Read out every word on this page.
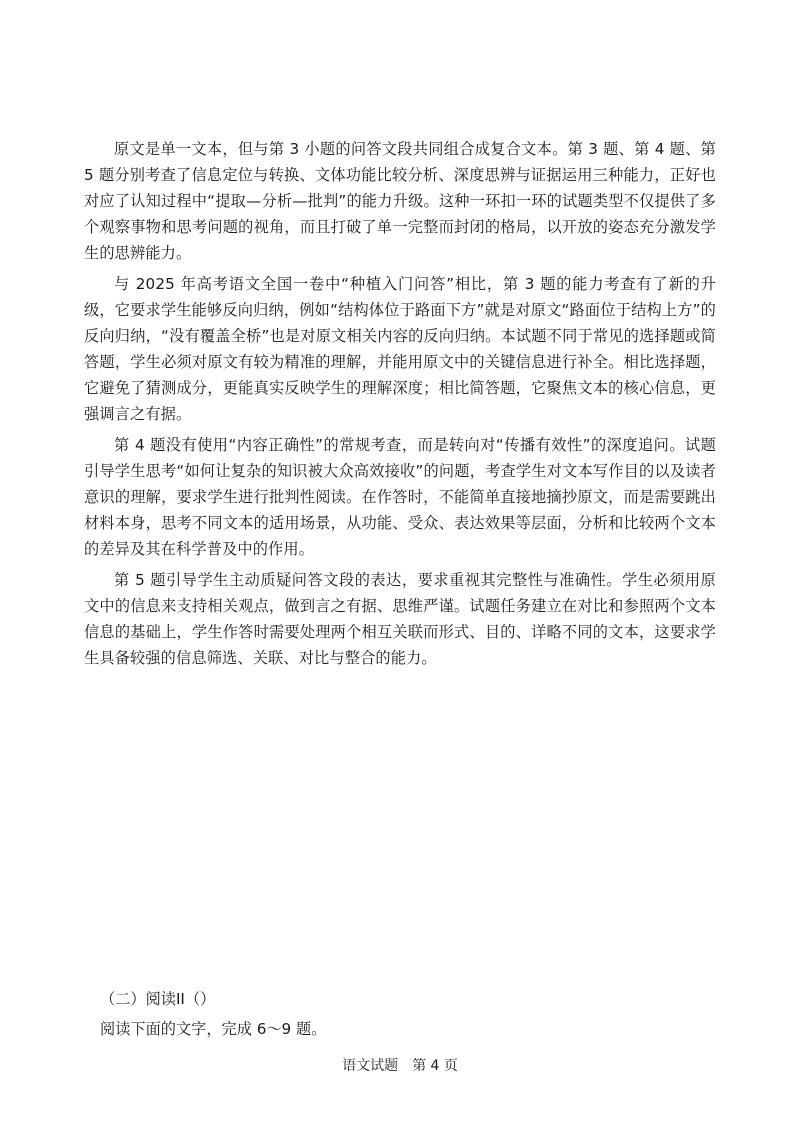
原文是单一文本，但与第 3 小题的问答文段共同组合成复合文本。第 3 题、第 4 题、第 5 题分别考查了信息定位与转换、文体功能比较分析、深度思辨与证据运用三种能力，正好也对应了认知过程中“提取—分析—批判”的能力升级。这种一环扣一环的试题类型不仅提供了多个观察事物和思考问题的视角，而且打破了单一完整而封闭的格局，以开放的姿态充分激发学生的思辨能力。

与 2025 年高考语文全国一卷中“种植入门问答”相比，第 3 题的能力考查有了新的升级，它要求学生能够反向归纳，例如“结构体位于路面下方”就是对原文“路面位于结构上方”的反向归纳，“没有覆盖全桥”也是对原文相关内容的反向归纳。本试题不同于常见的选择题或简答题，学生必须对原文有较为精准的理解，并能用原文中的关键信息进行补全。相比选择题，它避免了猜测成分，更能真实反映学生的理解深度；相比简答题，它聚焦文本的核心信息，更强调言之有据。

第 4 题没有使用“内容正确性”的常规考查，而是转向对“传播有效性”的深度追问。试题引导学生思考“如何让复杂的知识被大众高效接收”的问题，考查学生对文本写作目的以及读者意识的理解，要求学生进行批判性阅读。在作答时，不能简单直接地摘抄原文，而是需要跳出材料本身，思考不同文本的适用场景，从功能、受众、表达效果等层面，分析和比较两个文本的差异及其在科学普及中的作用。

第 5 题引导学生主动质疑问答文段的表达，要求重视其完整性与准确性。学生必须用原文中的信息来支持相关观点，做到言之有据、思维严谨。试题任务建立在对比和参照两个文本信息的基础上，学生作答时需要处理两个相互关联而形式、目的、详略不同的文本，这要求学生具备较强的信息筛选、关联、对比与整合的能力。

（二）阅读II（）

阅读下面的文字，完成 6～9 题。

语文试题　第 4 页
